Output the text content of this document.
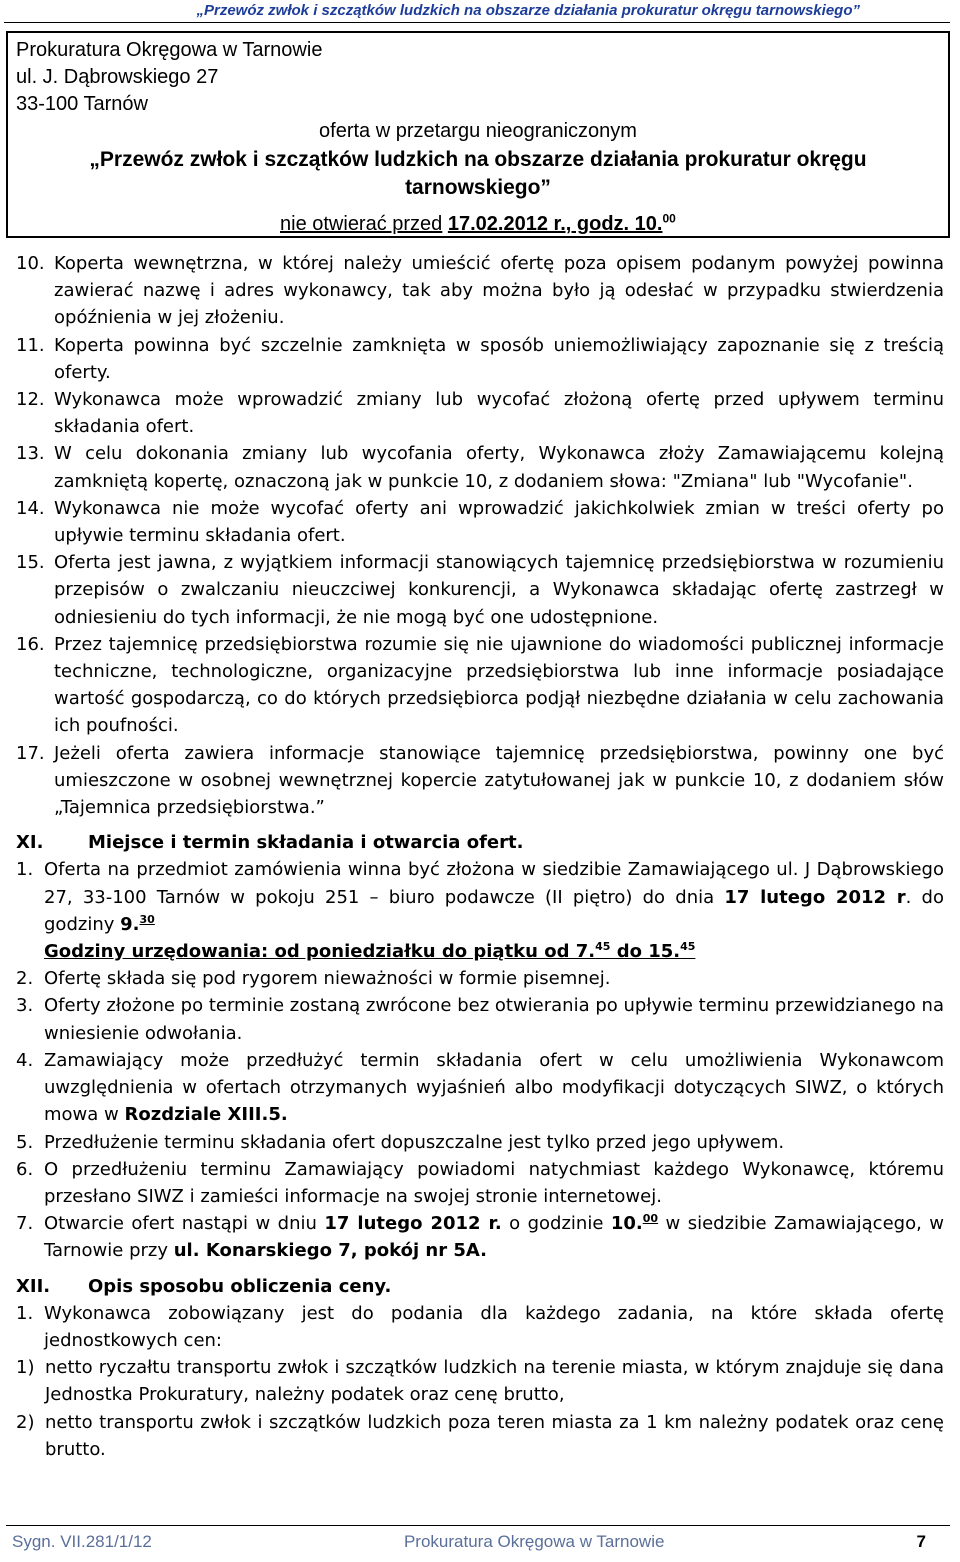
„Przewóz zwłok i szczątków ludzkich na obszarze działania prokuratur okręgu tarnowskiego”
Prokuratura Okręgowa w Tarnowie
ul. J. Dąbrowskiego 27
33-100 Tarnów
oferta w przetargu nieograniczonym
„Przewóz zwłok i szczątków ludzkich na obszarze działania prokuratur okręgu
tarnowskiego”
nie otwierać przed 17.02.2012 r., godz. 10.00
10. Koperta wewnętrzna, w której należy umieścić ofertę poza opisem podanym powyżej powinna zawierać nazwę i adres wykonawcy, tak aby można było ją odesłać w przypadku stwierdzenia opóźnienia w jej złożeniu.
11. Koperta powinna być szczelnie zamknięta w sposób uniemożliwiający zapoznanie się z treścią oferty.
12. Wykonawca może wprowadzić zmiany lub wycofać złożoną ofertę przed upływem terminu składania ofert.
13. W celu dokonania zmiany lub wycofania oferty, Wykonawca złoży Zamawiającemu kolejną zamkniętą kopertę, oznaczoną jak w punkcie 10, z dodaniem słowa: "Zmiana" lub "Wycofanie".
14. Wykonawca nie może wycofać oferty ani wprowadzić jakichkolwiek zmian w treści oferty po upływie terminu składania ofert.
15. Oferta jest jawna, z wyjątkiem informacji stanowiących tajemnicę przedsiębiorstwa w rozumieniu przepisów o zwalczaniu nieuczciwej konkurencji, a Wykonawca składając ofertę zastrzegł w odniesieniu do tych informacji, że nie mogą być one udostępnione.
16. Przez tajemnicę przedsiębiorstwa rozumie się nie ujawnione do wiadomości publicznej informacje techniczne, technologiczne, organizacyjne przedsiębiorstwa lub inne informacje posiadające wartość gospodarczą, co do których przedsiębiorca podjął niezbędne działania w celu zachowania ich poufności.
17. Jeżeli oferta zawiera informacje stanowiące tajemnicę przedsiębiorstwa, powinny one być umieszczone w osobnej wewnętrznej kopercie zatytułowanej jak w punkcie 10, z dodaniem słów „Tajemnica przedsiębiorstwa.”
XI.	Miejsce i termin składania i otwarcia ofert.
1. Oferta na przedmiot zamówienia winna być złożona w siedzibie Zamawiającego ul. J Dąbrowskiego 27, 33-100 Tarnów w pokoju 251 – biuro podawcze (II piętro) do dnia 17 lutego 2012 r. do godziny 9.30
Godziny urzędowania: od poniedziałku do piątku od 7.45 do 15.45
2. Ofertę składa się pod rygorem nieważności w formie pisemnej.
3. Oferty złożone po terminie zostaną zwrócone bez otwierania po upływie terminu przewidzianego na wniesienie odwołania.
4. Zamawiający może przedłużyć termin składania ofert w celu umożliwienia Wykonawcom uwzględnienia w ofertach otrzymanych wyjaśnień albo modyfikacji dotyczących SIWZ, o których mowa w Rozdziale XIII.5.
5. Przedłużenie terminu składania ofert dopuszczalne jest tylko przed jego upływem.
6. O przedłużeniu terminu Zamawiający powiadomi natychmiast każdego Wykonawcę, któremu przesłano SIWZ i zamieści informacje na swojej stronie internetowej.
7. Otwarcie ofert nastąpi w dniu 17 lutego 2012 r. o godzinie 10.00 w siedzibie Zamawiającego, w Tarnowie przy ul. Konarskiego 7, pokój nr 5A.
XII.	Opis sposobu obliczenia ceny.
1. Wykonawca zobowiązany jest do podania dla każdego zadania, na które składa ofertę jednostkowych cen:
1) netto ryczałtu transportu zwłok i szczątków ludzkich na terenie miasta, w którym znajduje się dana Jednostka Prokuratury, należny podatek oraz cenę brutto,
2) netto transportu zwłok i szczątków ludzkich poza teren miasta za 1 km należny podatek oraz cenę brutto.
Sygn. VII.281/1/12	Prokuratura Okręgowa w Tarnowie	7
